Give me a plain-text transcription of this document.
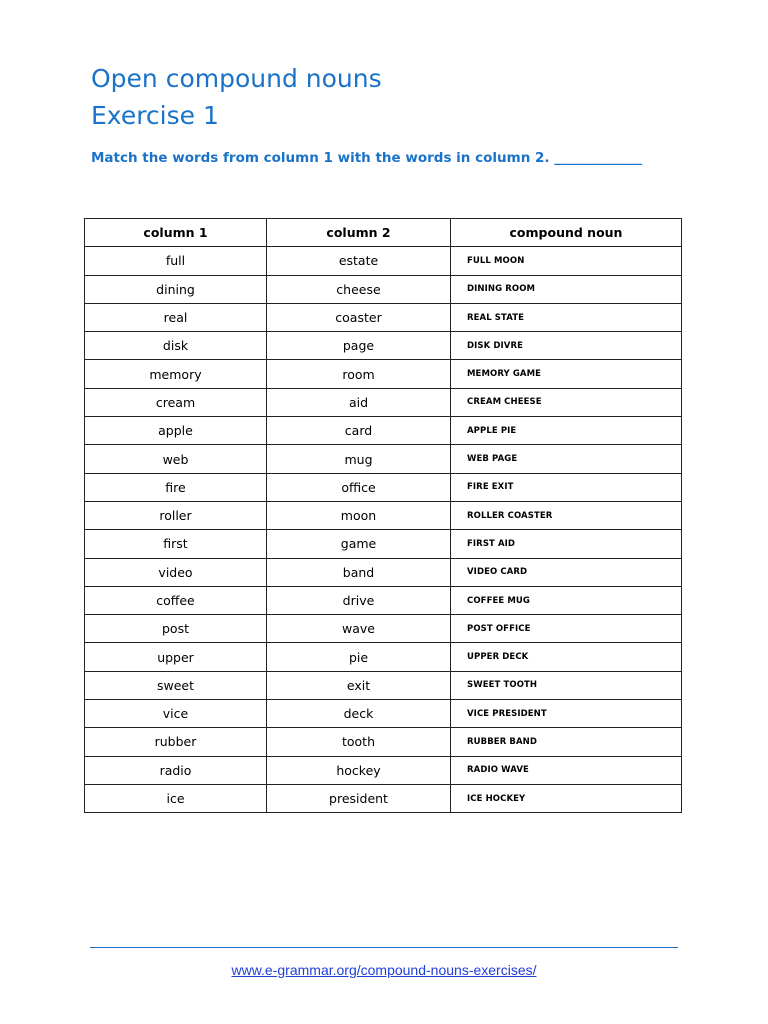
Open compound nouns
Exercise 1

Match the words from column 1 with the words in column 2. _____________

column 1	column 2	compound noun
full	estate	FULL MOON
dining	cheese	DINING ROOM
real	coaster	REAL STATE
disk	page	DISK DIVRE
memory	room	MEMORY GAME
cream	aid	CREAM CHEESE
apple	card	APPLE PIE
web	mug	WEB PAGE
fire	office	FIRE EXIT
roller	moon	ROLLER COASTER
first	game	FIRST AID
video	band	VIDEO CARD
coffee	drive	COFFEE MUG
post	wave	POST OFFICE
upper	pie	UPPER DECK
sweet	exit	SWEET TOOTH
vice	deck	VICE PRESIDENT
rubber	tooth	RUBBER BAND
radio	hockey	RADIO WAVE
ice	president	ICE HOCKEY
www.e-grammar.org/compound-nouns-exercises/
